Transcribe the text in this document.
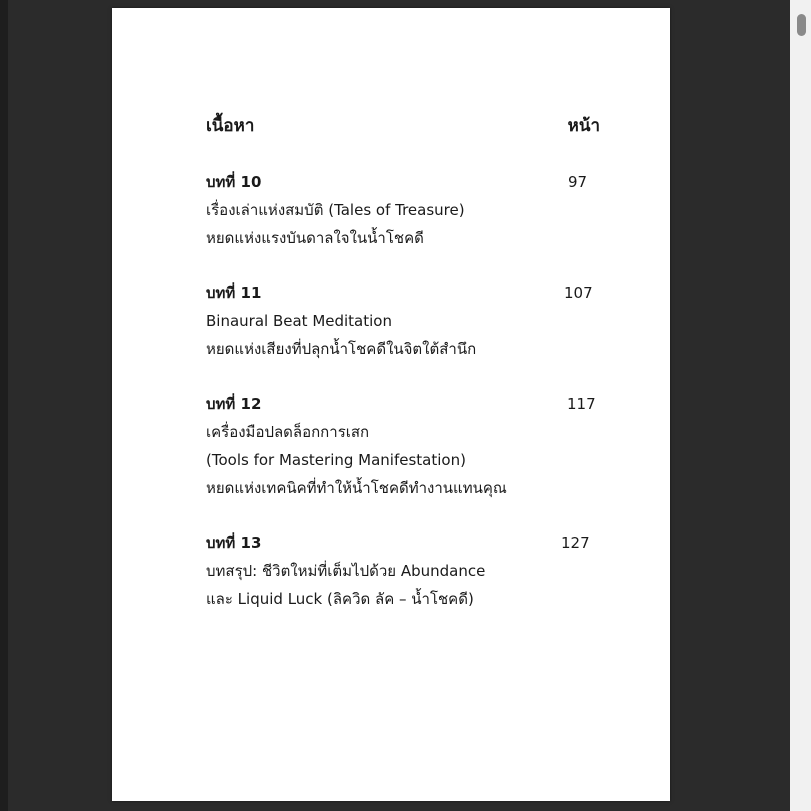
เนื้อหา	หน้า
บทที่ 10	97
เรื่องเล่าแห่งสมบัติ (Tales of Treasure)
หยดแห่งแรงบันดาลใจในน้ำโชคดี
บทที่ 11	107
Binaural Beat Meditation
หยดแห่งเสียงที่ปลุกน้ำโชคดีในจิตใต้สำนึก
บทที่ 12	117
เครื่องมือปลดล็อกการเสก
(Tools for Mastering Manifestation)
หยดแห่งเทคนิคที่ทำให้น้ำโชคดีทำงานแทนคุณ
บทที่ 13	127
บทสรุป: ชีวิตใหม่ที่เต็มไปด้วย Abundance
และ Liquid Luck (ลิควิด ลัค – น้ำโชคดี)
